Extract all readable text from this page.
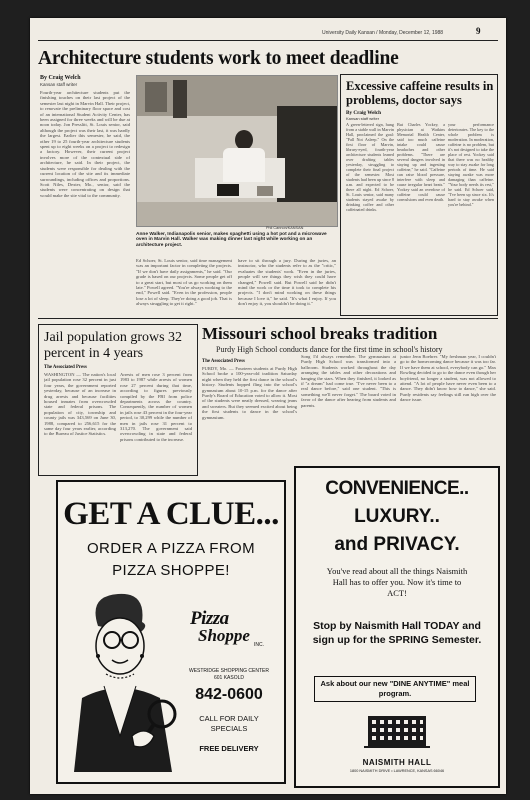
University Daily Kansan / Monday, December 12, 1988	9
Architecture students work to meet deadline
By Craig Welch
Kansan staff writer
Fourth-year architecture students put the finishing touches on their last project of the semester last night in Marvin Hall. Their project, to renovate the preliminary floor space and cost of an international Student Activity Center, has been assigned for three weeks and will be due at noon today. Jon Presslitt, St. Louis senior, said although the project was their last, it was hardly the largest. Earlier this semester, he said, the other 19 to 25 fourth-year architecture students spent up to eight weeks on a project to redesign a factory. However, their current project involves more of the contextual side of architecture, he said. In their project, the students were responsible for dealing with the current location of the site and its immediate surroundings, including offices and proportions. Scott Niles, Dexter, Mo., senior, said the students were concentrating on design that would make the site vital to the community.
Phil Cannon/KANSAN
Anne Walker, Indianapolis senior, makes spaghetti using a hot pot and a microwave oven in Marvin Hall. Walker was making dinner last night while working on an architecture project.
Ed Schoer, St. Louis senior, said time management was an important factor in completing the projects. "If we don't have daily assignments," he said. "Our grade is based on our projects. Some people get off to a great start, but most of us go working on them late." Powell agreed. "You're always working to the end," Powell said. "Even in the profession, people lose a lot of sleep. They're doing a good job. That is always struggling to get it right."
have to sit through a jury. During the juries, an instructor, who the students refer to as the "critic," evaluates the students' work. "Even in the juries, people will see things they wish they could have changed," Powell said. But Powell said he didn't mind the work or the time it took to complete his projects. "I don't mind working on these things because I love it," he said. "It's what I enjoy. If you don't enjoy it, you shouldn't be doing it."
Excessive caffeine results in problems, doctor says
By Craig Welch
Kansan staff writer
A green-lettered sign, hung from a stable wall in Marvin Hall, proclaimed the goal: "Fall Not Asleep." On the first floor of Marvin, library-eyed, fourth-year architecture students leaned over drafting tables yesterday, struggling to complete their final project of the semester. Most students had been up since 8 a.m. and expected to be there all night. Ed Schoer, St. Louis senior, said many students stayed awake by drinking coffee and other caffeinated drinks.
But Charles Yockey, a physician at Watkins Memorial Health Center, said too much caffeine intake could cause headaches and other problems. "There are several dangers involved in staying up and ingesting caffeine," he said. "Caffeine can raise blood pressure, interfere with sleep and cause irregular heart beats." Yockey said an overdose of caffeine could cause convulsions and even death.
your performance deteriorates. The key to the whole problem is moderation. In moderation, caffeine is no problem, but it's not designed to take the place of rest. Yockey said that there was no healthy way to stay awake for long periods of time. He said staying awake was more damaging than caffeine. "Your body needs its rest," he said. Ed Schoer said, "I've been up since six. It's hard to stay awake when you're behind."
Jail population grows 32 percent in 4 years
The Associated Press
WASHINGTON — The nation's local jail population rose 32 percent in just four years, the government reported yesterday, because of an increase in drug arrests and because facilities housed inmates from overcrowded state and federal prisons. The population of city, township and county jails was 343,569 on June 30, 1988, compared to 256,615 for the same day four years earlier, according to the Bureau of Justice Statistics.
Arrests of men rose 3 percent from 1983 to 1987 while arrests of women rose 27 percent during that time, according to figures previously compiled by the FBI from police departments across the country. Consequently, the number of women in jails rose 43 percent in the four-year period, to 30,299 while the number of men in jails rose 31 percent to 313,270. The government said overcrowding in state and federal prisons contributed to the increase.
Missouri school breaks tradition
Purdy High School conducts dance for the first time in school's history
The Associated Press
PURDY, Mo. — Fourteen students at Purdy High School broke a 100-year-old tradition Saturday night when they held the first dance in the school's history. Students hopped fling into the school's gymnasium about 10-15 p.m. for the dance after Purdy's Board of Education voted to allow it. Most of the students were neatly dressed, wearing jeans and sweaters. But they seemed excited about being the first students to dance in the school's gymnasium.
Song I'd always remember. The gymnasium at Purdy High School was transformed into a ballroom. Students worked throughout the day arranging the tables and other decorations and hanging the stars. When they finished, it looked as if "a dream" had come true. "I've never been to a real dance before," said one student. "This is something we'll never forget." The board voted in favor of the dance after hearing from students and parents.
junior Jenn Boehrer. "My freshman year, I couldn't go to the homecoming dance because it was too far. If we have them at school, everybody can go." Max Rowling decided to go to the dance even though her boyfriend, no longer a student, was not allowed to attend. "A lot of people have never even been to a dance. They didn't know how to dance," she said. Purdy residents say feelings still run high over the dance issue.
GET A CLUE...
ORDER A PIZZA FROM
PIZZA SHOPPE!
Pizza
Shoppe INC.
WESTRIDGE SHOPPING CENTER
601 KASOLD
842-0600
CALL FOR DAILY
SPECIALS
FREE DELIVERY
CONVENIENCE..
LUXURY..
and PRIVACY.
You've read about all the things Naismith Hall has to offer you. Now it's time to ACT!
Stop by Naismith Hall TODAY and sign up for the SPRING Semester.
Ask about our new "DINE ANYTIME" meal program.
NAISMITH HALL
1800 NAISMITH DRIVE • LAWRENCE, KANSAS 66046
